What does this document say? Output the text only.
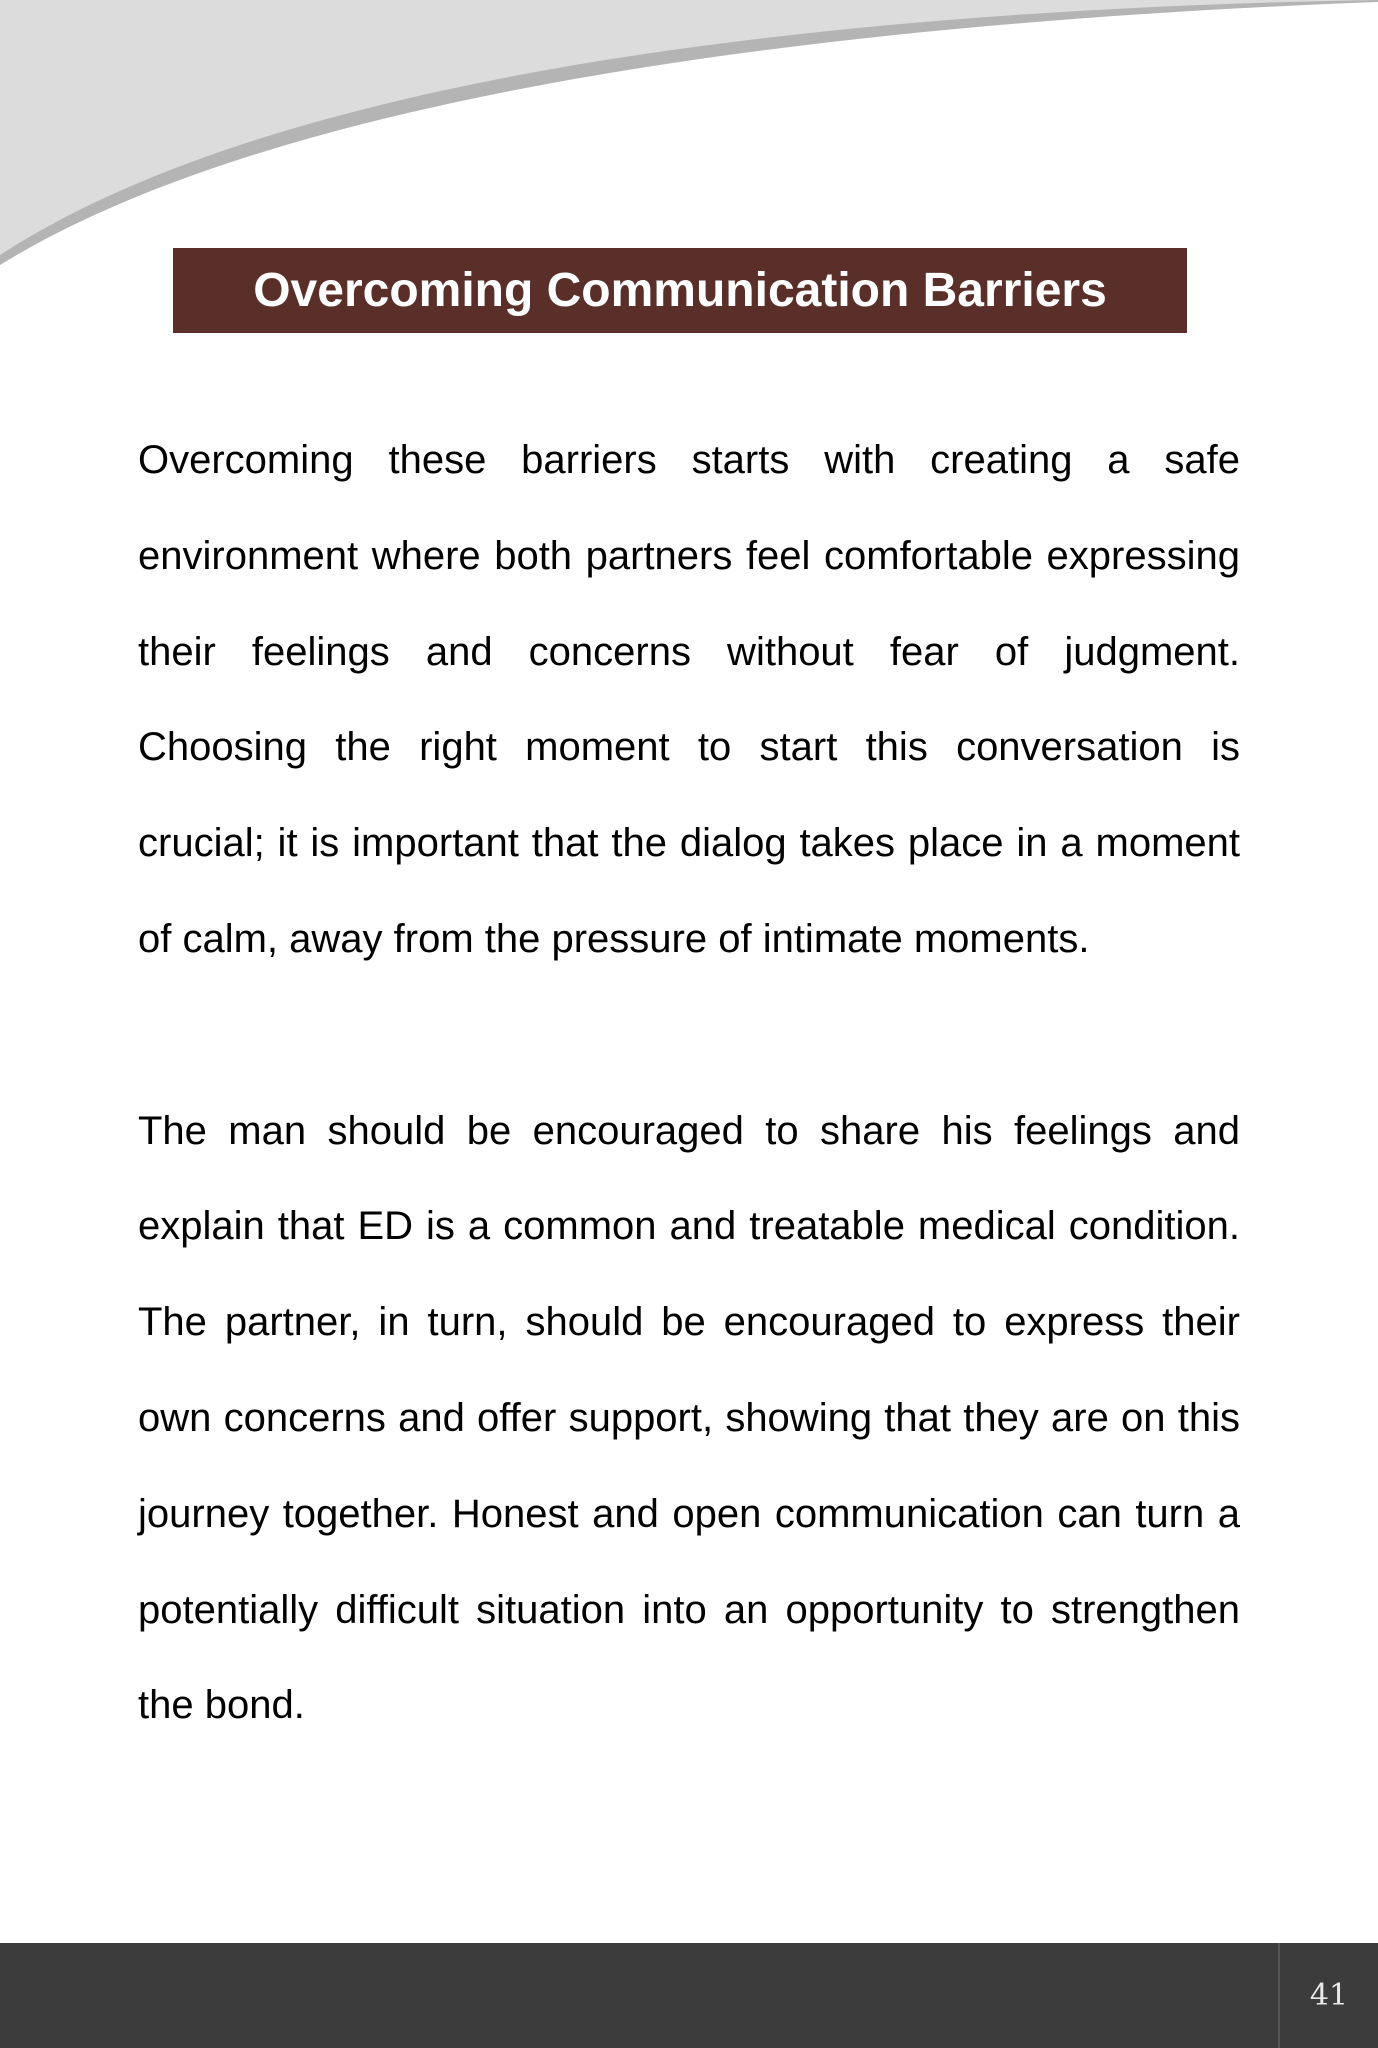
Overcoming Communication Barriers

Overcoming these barriers starts with creating a safe environment where both partners feel comfortable expressing their feelings and concerns without fear of judgment. Choosing the right moment to start this conversation is crucial; it is important that the dialog takes place in a moment of calm, away from the pressure of intimate moments.

The man should be encouraged to share his feelings and explain that ED is a common and treatable medical condition. The partner, in turn, should be encouraged to express their own concerns and offer support, showing that they are on this journey together. Honest and open communication can turn a potentially difficult situation into an opportunity to strengthen the bond.

41
